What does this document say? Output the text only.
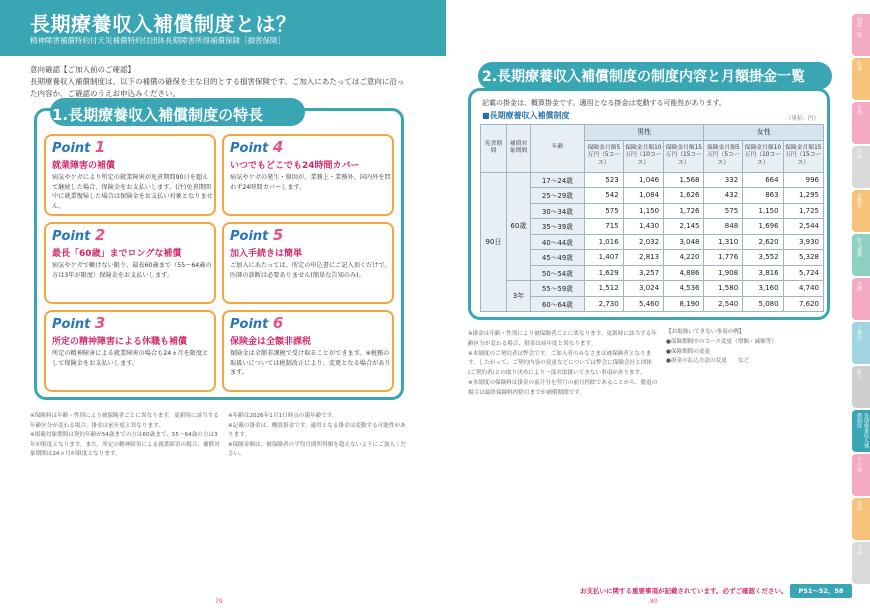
長期療養収入補償制度とは？
精神障害補償特約付天災補償特約付団体長期障害所得補償保険［損害保険］
意向確認【ご加入前のご確認】
長期療養収入補償制度は、以下の補償の確保を主な目的とする損害保険です。ご加入にあたってはご意向に沿った内容か、ご確認のうえお申込みください。
1.長期療養収入補償制度の特長
Point 1
就業障害の補償
病気やケガにより所定の就業障害が免責期間90日を超えて継続した場合、保険金をお支払いします。(注)免責期間中に就業復帰した場合は保険金をお支払い対象となりません。
Point 4
いつでもどこでも24時間カバー
病気やケガの発生・原因が、業務上・業務外、国内外を問わず24時間カバーします。
Point 2
最長「60歳」までロングな補償
病気やケガで働けない限り、最長60歳まで（55〜64歳の方は3年が限度）保険金をお支払いします。
Point 5
加入手続きは簡単
ご加入にあたっては、所定の申込書にご記入頂くだけで、医師の診断は必要ありません(簡単な告知のみ)。
Point 3
所定の精神障害による休職も補償
所定の精神障害による就業障害の場合も24ヵ月を限度として保険金をお支払いします。
Point 6
保険金は全額非課税
保険金は全額非課税で受け取ることができます。※税務の取扱いについては税制改正により、変更となる場合があります。
※保険料は年齢・性別により被保険者ごとに異なります。更新時に該当する年齢区分が変わる場合、掛金は前年度と異なります。
※掲載対象期間は契約年齢が54歳までの方は60歳まで、55〜64歳の方は3年が限度となります。また、所定の精神障害による就業障害の場合、補償対象期間は24ヵ月が限度となります。
※年齢は2026年1月1日時点の満年齢です。
※記載の掛金は、概算掛金です。適用となる掛金は変動する可能性があります。
※保険金額は、被保険者の平均月間所得額を超えないようにご加入ください。
79	80
2.長期療養収入補償制度の制度内容と月額掛金一覧
記載の掛金は、概算掛金です。適用となる掛金は変動する可能性があります。
■長期療養収入補償制度	（単位：円）
免責期間	補償対象期間	年齢	男性			女性		
			保険金月額5万円（5コース）	保険金月額10万円（10コース）	保険金月額15万円（15コース）	保険金月額5万円（5コース）	保険金月額10万円（10コース）	保険金月額15万円（15コース）
90日	60歳	17～24歳	523	1,046	1,568	332	664	996
		25～29歳	542	1,084	1,626	432	863	1,295
		30～34歳	575	1,150	1,726	575	1,150	1,725
		35～39歳	715	1,430	2,145	848	1,696	2,544
		40～44歳	1,016	2,032	3,048	1,310	2,620	3,930
		45～49歳	1,407	2,813	4,220	1,776	3,552	5,328
		50～54歳	1,629	3,257	4,886	1,908	3,816	5,724
	3年	55～59歳	1,512	3,024	4,536	1,580	3,160	4,740
		60～64歳	2,730	5,460	8,190	2,540	5,080	7,620
※掛金は年齢・性別により被保険者ごとに異なります。更新時に該当する年齢区分が変わる場合、掛金は前年度と異なります。
※本制度のご契約者は弊会です。ご加入者のみなさまは被保険者となります。したがって、ご契約内容の変更などについては弊会に保険会社と団体(ご契約者)との取り決めにより一部お取扱いできない事項があります。
※本制度の保険料は掛金の前月分を翌月の前月控除であることから、脱退の場合は最終保険料控除月までが補償期間です。
【お取扱いできない事項の例】
●保険期間中のコース変更（増額・減額等）
●保険期間の変更
●掛金の払込方法の変更　　など
お支払いに関する重要事項が記載されています。必ずご確認ください。	P51～52、58
制度一覧
医療
生命
団体
自動車
収入補償
介護
ご案内
総合
長期療養収入補償制度
その他
資料
手続
